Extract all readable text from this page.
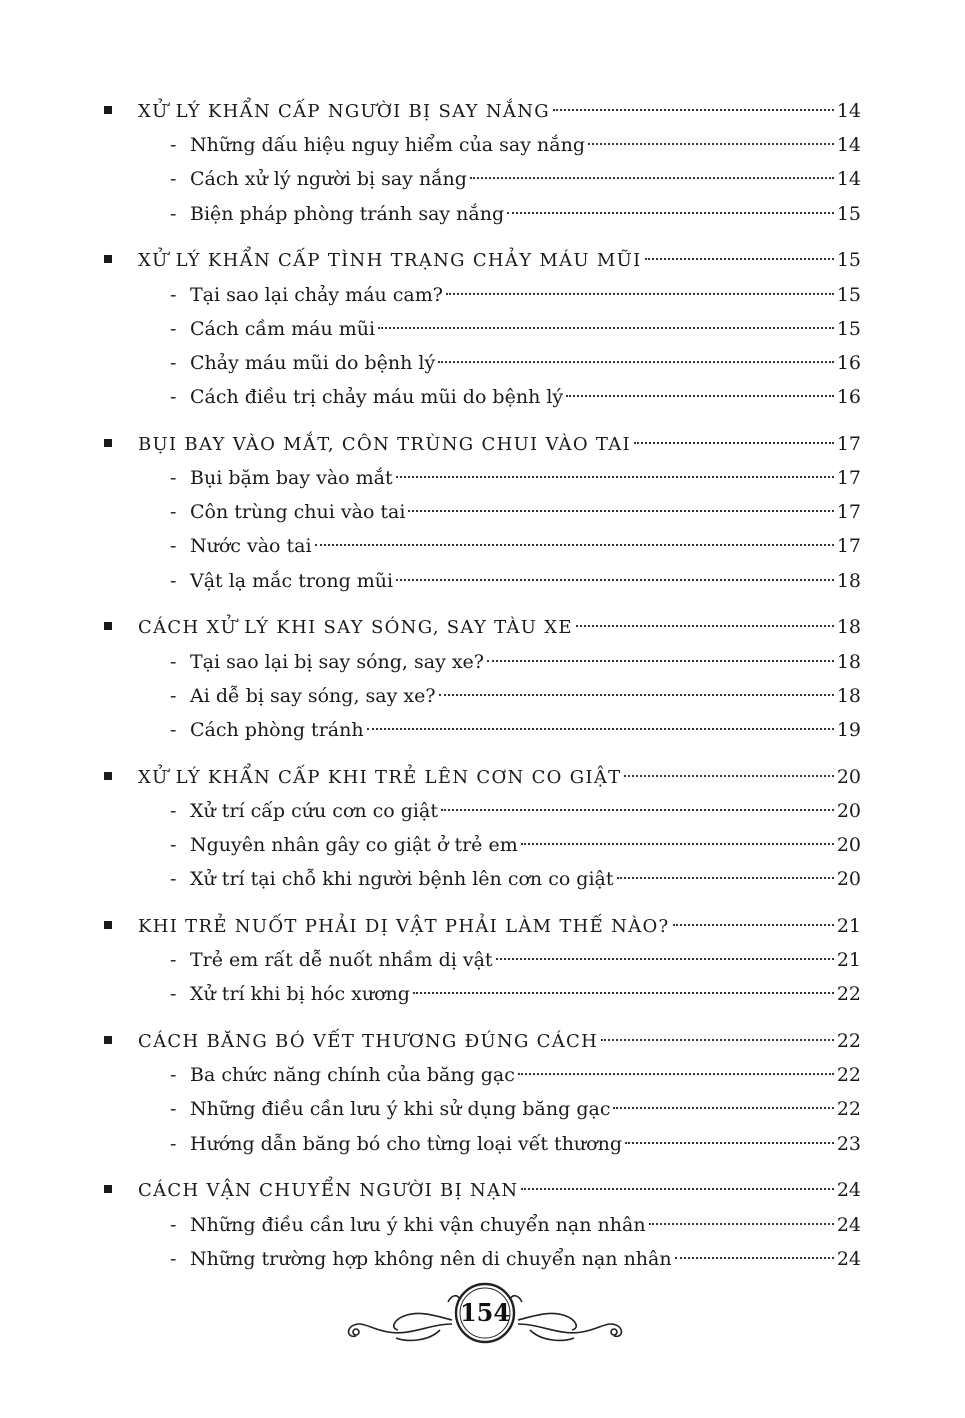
XỬ LÝ KHẨN CẤP NGƯỜI BỊ SAY NẮNG	14
- Những dấu hiệu nguy hiểm của say nắng	14
- Cách xử lý người bị say nắng	14
- Biện pháp phòng tránh say nắng	15
XỬ LÝ KHẨN CẤP TÌNH TRẠNG CHẢY MÁU MŨI	15
- Tại sao lại chảy máu cam?	15
- Cách cầm máu mũi	15
- Chảy máu mũi do bệnh lý	16
- Cách điều trị chảy máu mũi do bệnh lý	16
BỤI BAY VÀO MẮT, CÔN TRÙNG CHUI VÀO TAI	17
- Bụi bặm bay vào mắt	17
- Côn trùng chui vào tai	17
- Nước vào tai	17
- Vật lạ mắc trong mũi	18
CÁCH XỬ LÝ KHI SAY SÓNG, SAY TÀU XE	18
- Tại sao lại bị say sóng, say xe?	18
- Ai dễ bị say sóng, say xe?	18
- Cách phòng tránh	19
XỬ LÝ KHẨN CẤP KHI TRẺ LÊN CƠN CO GIẬT	20
- Xử trí cấp cứu cơn co giật	20
- Nguyên nhân gây co giật ở trẻ em	20
- Xử trí tại chỗ khi người bệnh lên cơn co giật	20
KHI TRẺ NUỐT PHẢI DỊ VẬT PHẢI LÀM THẾ NÀO?	21
- Trẻ em rất dễ nuốt nhầm dị vật	21
- Xử trí khi bị hóc xương	22
CÁCH BĂNG BÓ VẾT THƯƠNG ĐÚNG CÁCH	22
- Ba chức năng chính của băng gạc	22
- Những điều cần lưu ý khi sử dụng băng gạc	22
- Hướng dẫn băng bó cho từng loại vết thương	23
CÁCH VẬN CHUYỂN NGƯỜI BỊ NẠN	24
- Những điều cần lưu ý khi vận chuyển nạn nhân	24
- Những trường hợp không nên di chuyển nạn nhân	24
154
